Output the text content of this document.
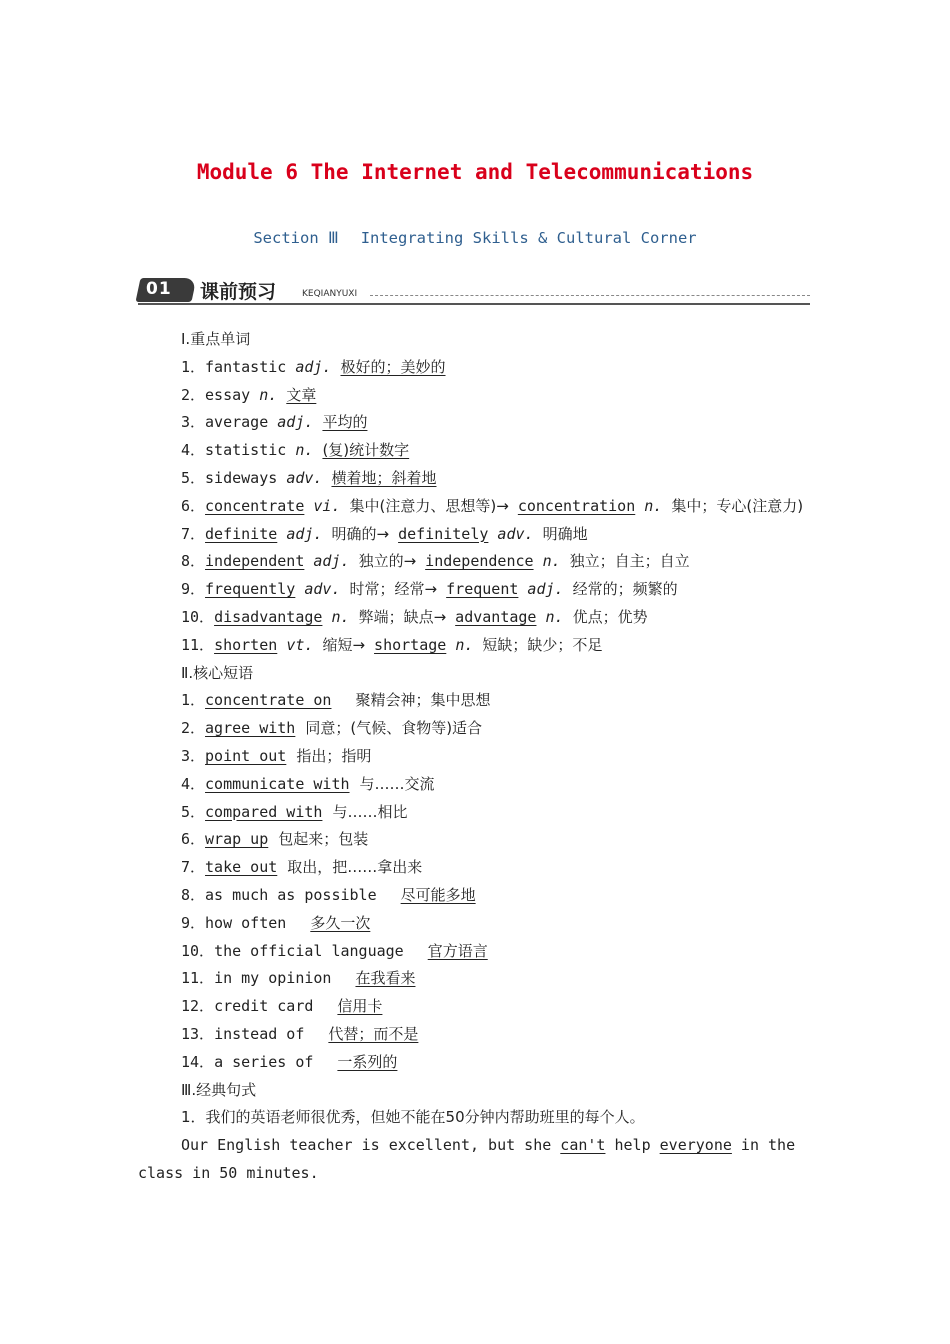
Module 6 The Internet and Telecommunications
Section Ⅲ Integrating Skills & Cultural Corner
01 课前预习	KEQIANYUXI
Ⅰ.重点单词
1．fantastic adj. 极好的；美妙的
2．essay n. 文章
3．average adj. 平均的
4．statistic n. (复)统计数字
5．sideways adv. 横着地；斜着地
6．concentrate vi. 集中(注意力、思想等)→ concentration n. 集中；专心(注意力)
7．definite adj. 明确的→ definitely adv. 明确地
8．independent adj. 独立的→ independence n. 独立；自主；自立
9．frequently adv. 时常；经常→ frequent adj. 经常的；频繁的
10．disadvantage n. 弊端；缺点→ advantage n. 优点；优势
11．shorten vt. 缩短→ shortage n. 短缺；缺少；不足
Ⅱ.核心短语
1．concentrate on 聚精会神；集中思想
2．agree with 同意；(气候、食物等)适合
3．point out 指出；指明
4．communicate with 与……交流
5．compared with 与……相比
6．wrap up 包起来；包装
7．take out 取出，把……拿出来
8．as much as possible 尽可能多地
9．how often 多久一次
10．the official language 官方语言
11．in my opinion 在我看来
12．credit card 信用卡
13．instead of 代替；而不是
14．a series of 一系列的
Ⅲ.经典句式
1．我们的英语老师很优秀，但她不能在50分钟内帮助班里的每个人。
Our English teacher is excellent, but she can't help everyone in the class in 50 minutes.
